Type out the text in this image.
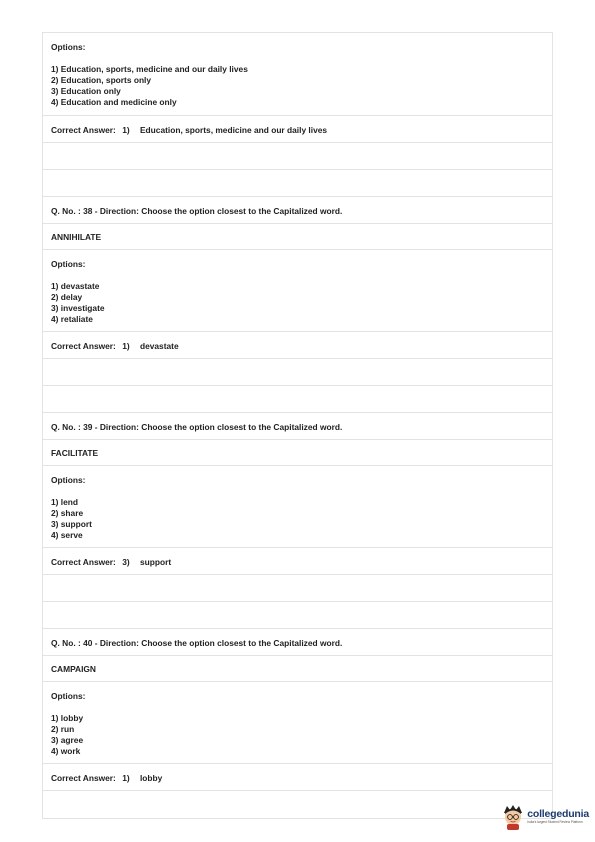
Options:
1) Education, sports, medicine and our daily lives
2) Education, sports only
3) Education only
4) Education and medicine only
Correct Answer: 1) Education, sports, medicine and our daily lives
Q. No. : 38 - Direction: Choose the option closest to the Capitalized word.
ANNIHILATE
Options:
1) devastate
2) delay
3) investigate
4) retaliate
Correct Answer: 1) devastate
Q. No. : 39 - Direction: Choose the option closest to the Capitalized word.
FACILITATE
Options:
1) lend
2) share
3) support
4) serve
Correct Answer: 3) support
Q. No. : 40 - Direction: Choose the option closest to the Capitalized word.
CAMPAIGN
Options:
1) lobby
2) run
3) agree
4) work
Correct Answer: 1) lobby
collegedunia
India's largest Student Review Platform
